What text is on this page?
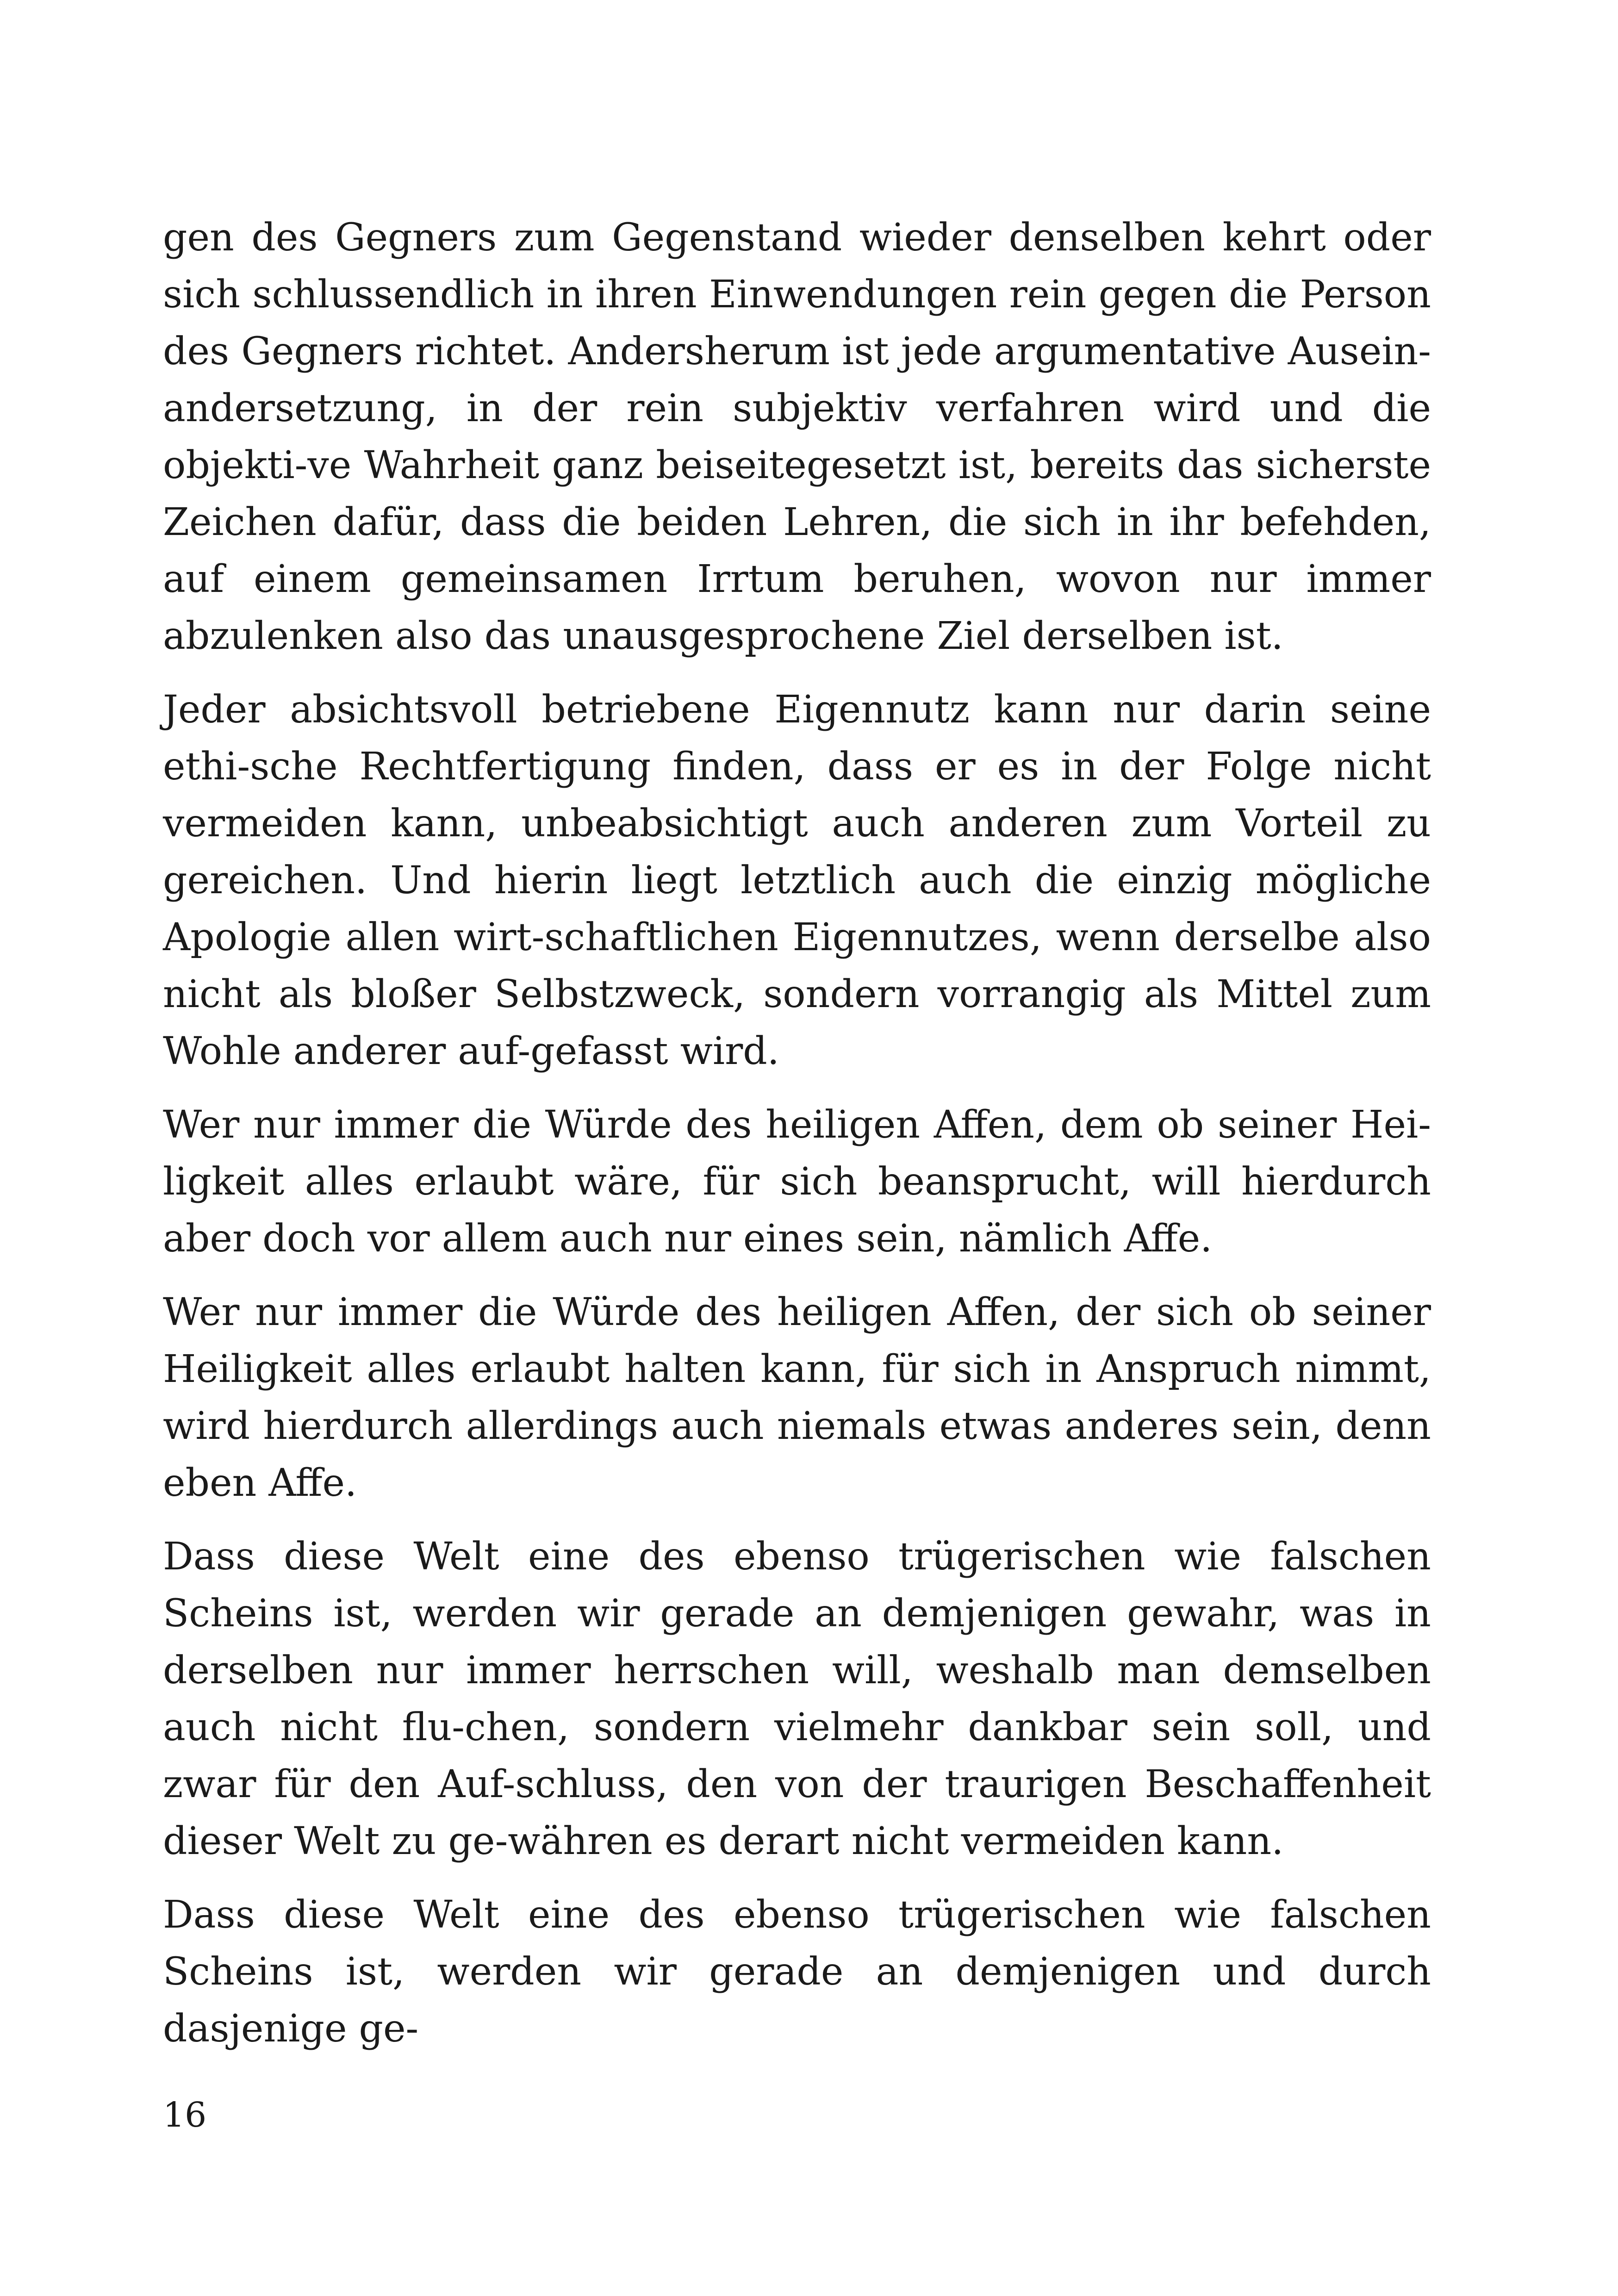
gen des Gegners zum Gegenstand wieder denselben kehrt oder sich schlussendlich in ihren Einwendungen rein gegen die Person des Gegners richtet. Andersherum ist jede argumentative Ausein-andersetzung, in der rein subjektiv verfahren wird und die objekti-ve Wahrheit ganz beiseitegesetzt ist, bereits das sicherste Zeichen dafür, dass die beiden Lehren, die sich in ihr befehden, auf einem gemeinsamen Irrtum beruhen, wovon nur immer abzulenken also das unausgesprochene Ziel derselben ist.

Jeder absichtsvoll betriebene Eigennutz kann nur darin seine ethi-sche Rechtfertigung finden, dass er es in der Folge nicht vermeiden kann, unbeabsichtigt auch anderen zum Vorteil zu gereichen. Und hierin liegt letztlich auch die einzig mögliche Apologie allen wirt-schaftlichen Eigennutzes, wenn derselbe also nicht als bloßer Selbstzweck, sondern vorrangig als Mittel zum Wohle anderer auf-gefasst wird.

Wer nur immer die Würde des heiligen Affen, dem ob seiner Hei-ligkeit alles erlaubt wäre, für sich beansprucht, will hierdurch aber doch vor allem auch nur eines sein, nämlich Affe.

Wer nur immer die Würde des heiligen Affen, der sich ob seiner Heiligkeit alles erlaubt halten kann, für sich in Anspruch nimmt, wird hierdurch allerdings auch niemals etwas anderes sein, denn eben Affe.

Dass diese Welt eine des ebenso trügerischen wie falschen Scheins ist, werden wir gerade an demjenigen gewahr, was in derselben nur immer herrschen will, weshalb man demselben auch nicht flu-chen, sondern vielmehr dankbar sein soll, und zwar für den Auf-schluss, den von der traurigen Beschaffenheit dieser Welt zu ge-währen es derart nicht vermeiden kann.

Dass diese Welt eine des ebenso trügerischen wie falschen Scheins ist, werden wir gerade an demjenigen und durch dasjenige ge-

16
